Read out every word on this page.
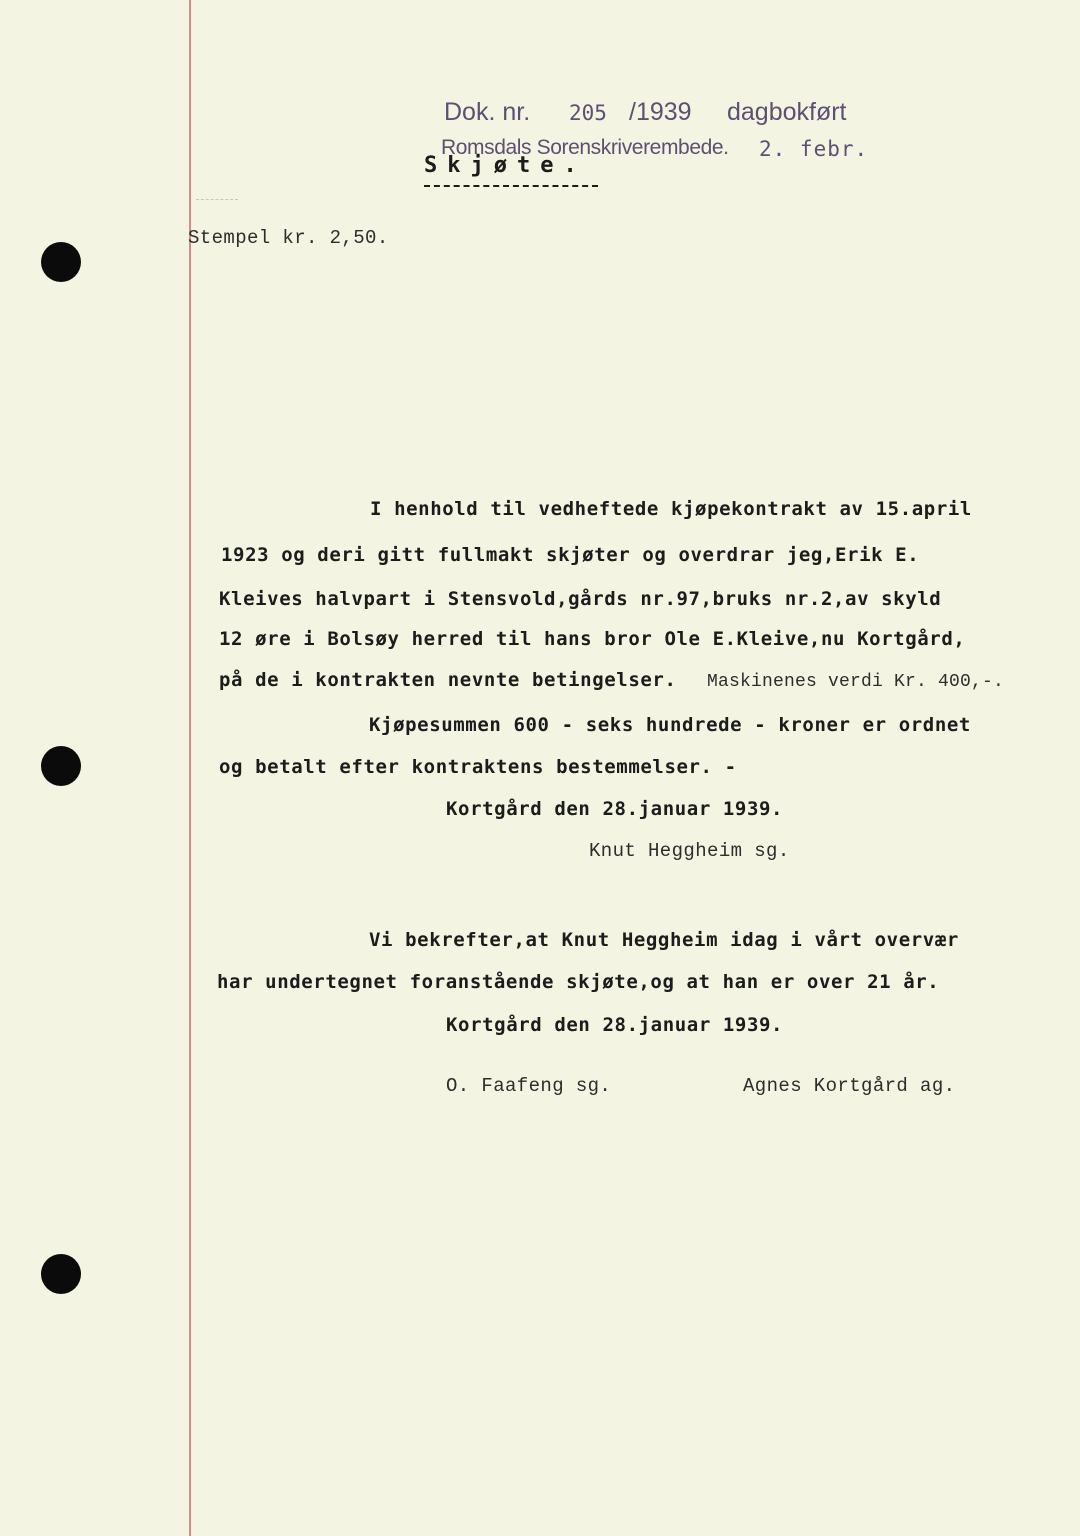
Dok. nr. 205 /1939 dagbokført
Romsdals Sorenskriverembede. 2. febr.
Stempel kr. 2,50.
Skjøte.
I henhold til vedheftede kjøpekontrakt av 15.april
1923 og deri gitt fullmakt skjøter og overdrar jeg,Erik E.
Kleives halvpart i Stensvold,gårds nr.97,bruks nr.2,av skyld
12 øre i Bolsøy herred til hans bror Ole E.Kleive,nu Kortgård,
på de i kontrakten nevnte betingelser. Maskinenes verdi Kr. 400,-.
Kjøpesummen 600 - seks hundrede - kroner er ordnet
og betalt efter kontraktens bestemmelser. -
Kortgård den 28.januar 1939.
Knut Heggheim sg.
Vi bekrefter,at Knut Heggheim idag i vårt overvær
har undertegnet foranstående skjøte,og at han er over 21 år.
Kortgård den 28.januar 1939.
O. Faafeng sg.	Agnes Kortgård ag.
